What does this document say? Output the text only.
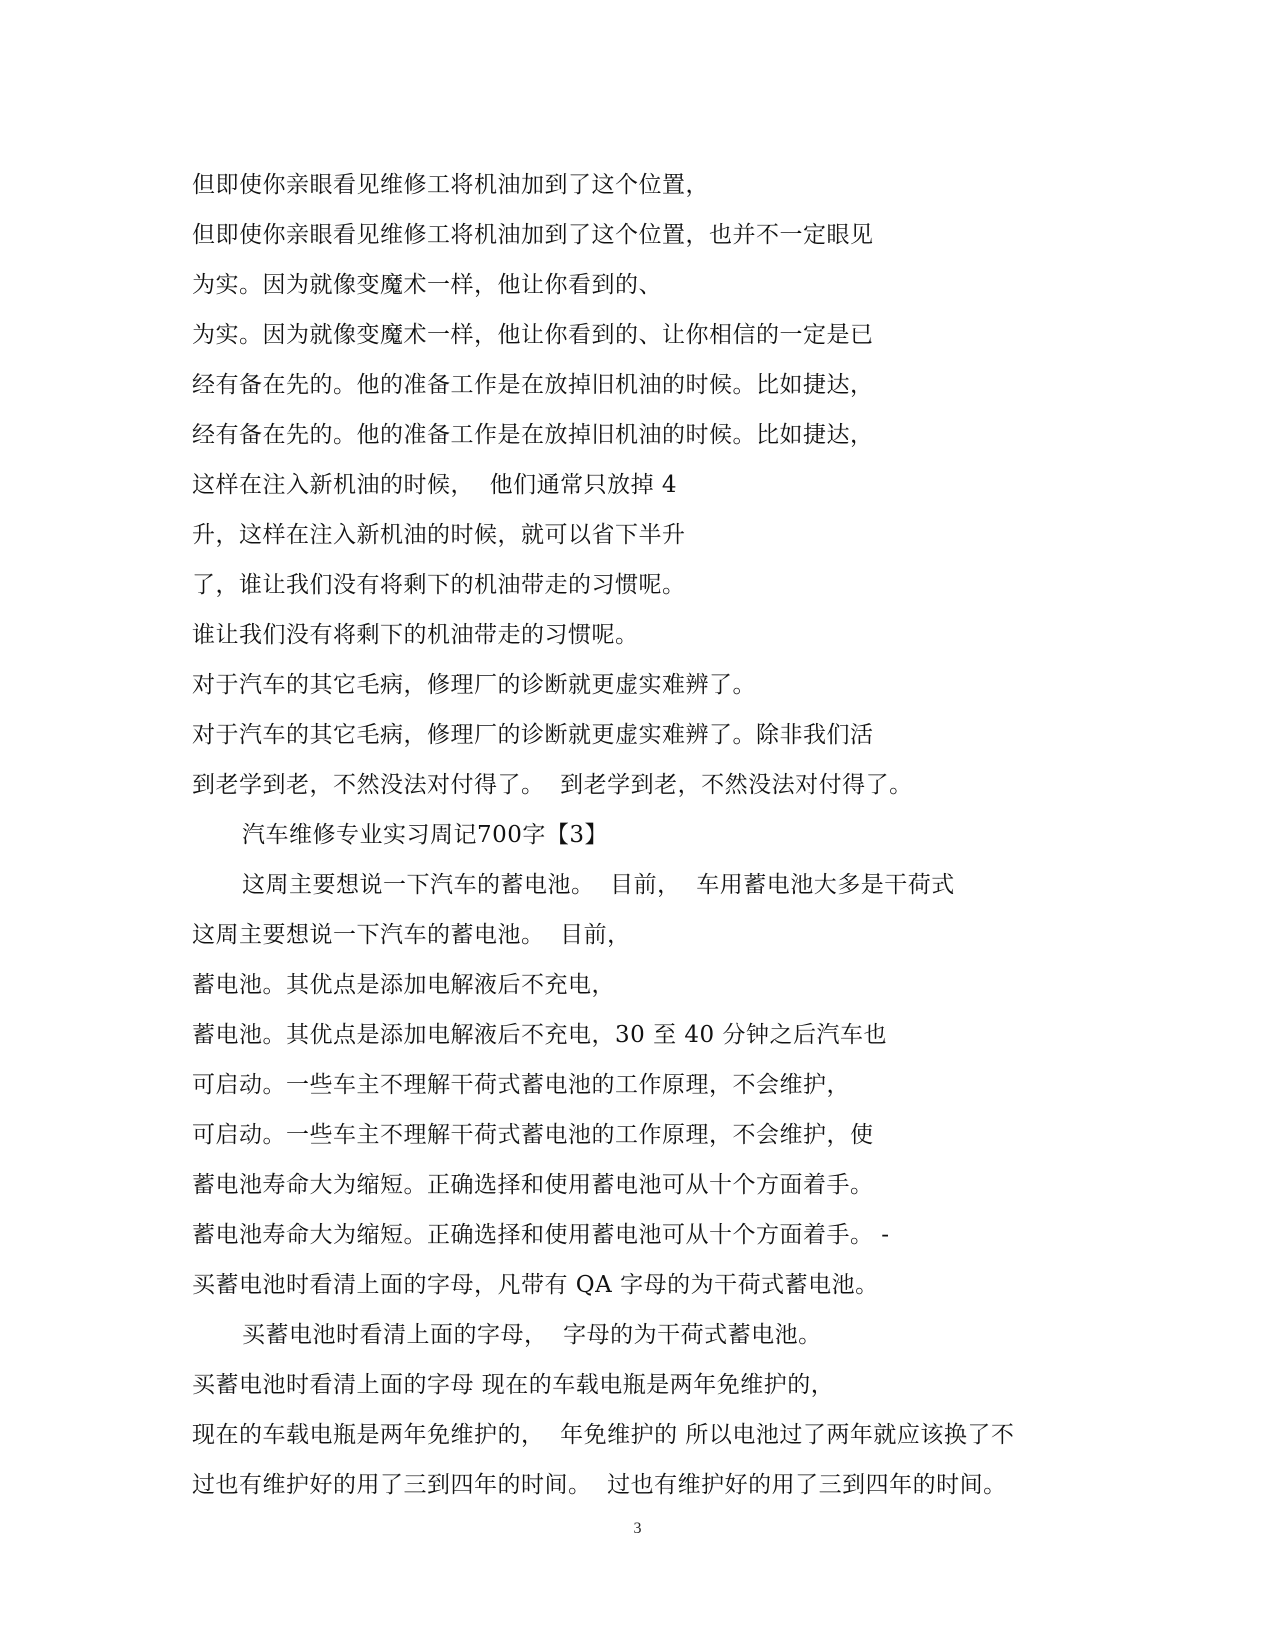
但即使你亲眼看见维修工将机油加到了这个位置，
但即使你亲眼看见维修工将机油加到了这个位置，也并不一定眼见
为实。因为就像变魔术一样，他让你看到的、
为实。因为就像变魔术一样，他让你看到的、让你相信的一定是已
经有备在先的。他的准备工作是在放掉旧机油的时候。比如捷达，
经有备在先的。他的准备工作是在放掉旧机油的时候。比如捷达，
这样在注入新机油的时候，  他们通常只放掉 4
升，这样在注入新机油的时候，就可以省下半升
了，谁让我们没有将剩下的机油带走的习惯呢。
谁让我们没有将剩下的机油带走的习惯呢。
对于汽车的其它毛病，修理厂的诊断就更虚实难辨了。
对于汽车的其它毛病，修理厂的诊断就更虚实难辨了。除非我们活
到老学到老，不然没法对付得了。  到老学到老，不然没法对付得了。
汽车维修专业实习周记700字【3】
这周主要想说一下汽车的蓄电池。  目前，  车用蓄电池大多是干荷式
这周主要想说一下汽车的蓄电池。  目前，
蓄电池。其优点是添加电解液后不充电，
蓄电池。其优点是添加电解液后不充电，30 至 40 分钟之后汽车也
可启动。一些车主不理解干荷式蓄电池的工作原理，不会维护，
可启动。一些车主不理解干荷式蓄电池的工作原理，不会维护，使
蓄电池寿命大为缩短。正确选择和使用蓄电池可从十个方面着手。
蓄电池寿命大为缩短。正确选择和使用蓄电池可从十个方面着手。 -
买蓄电池时看清上面的字母，凡带有 QA 字母的为干荷式蓄电池。
买蓄电池时看清上面的字母，  字母的为干荷式蓄电池。
买蓄电池时看清上面的字母 现在的车载电瓶是两年免维护的，
现在的车载电瓶是两年免维护的，  年免维护的 所以电池过了两年就应该换了不
过也有维护好的用了三到四年的时间。  过也有维护好的用了三到四年的时间。
3
